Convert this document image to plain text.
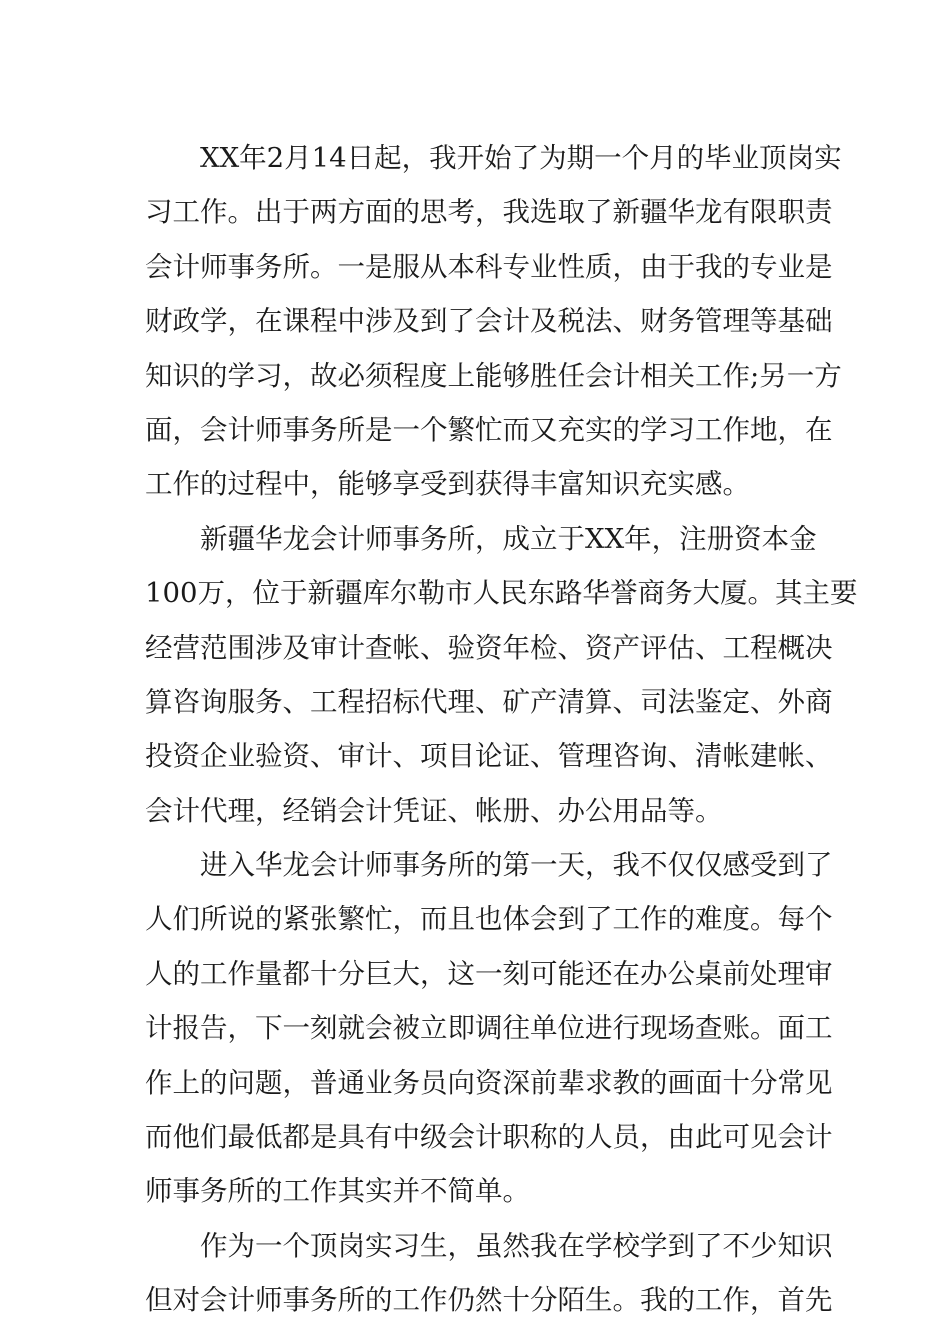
XX年2月14日起，我开始了为期一个月的毕业顶岗实
习工作。出于两方面的思考，我选取了新疆华龙有限职责
会计师事务所。一是服从本科专业性质，由于我的专业是
财政学，在课程中涉及到了会计及税法、财务管理等基础
知识的学习，故必须程度上能够胜任会计相关工作;另一方
面，会计师事务所是一个繁忙而又充实的学习工作地，在
工作的过程中，能够享受到获得丰富知识充实感。
新疆华龙会计师事务所，成立于XX年，注册资本金
100万，位于新疆库尔勒市人民东路华誉商务大厦。其主要
经营范围涉及审计查帐、验资年检、资产评估、工程概决
算咨询服务、工程招标代理、矿产清算、司法鉴定、外商
投资企业验资、审计、项目论证、管理咨询、清帐建帐、
会计代理，经销会计凭证、帐册、办公用品等。
进入华龙会计师事务所的第一天，我不仅仅感受到了
人们所说的紧张繁忙，而且也体会到了工作的难度。每个
人的工作量都十分巨大，这一刻可能还在办公桌前处理审
计报告，下一刻就会被立即调往单位进行现场查账。面工
作上的问题，普通业务员向资深前辈求教的画面十分常见
而他们最低都是具有中级会计职称的人员，由此可见会计
师事务所的工作其实并不简单。
作为一个顶岗实习生，虽然我在学校学到了不少知识
但对会计师事务所的工作仍然十分陌生。我的工作，首先
